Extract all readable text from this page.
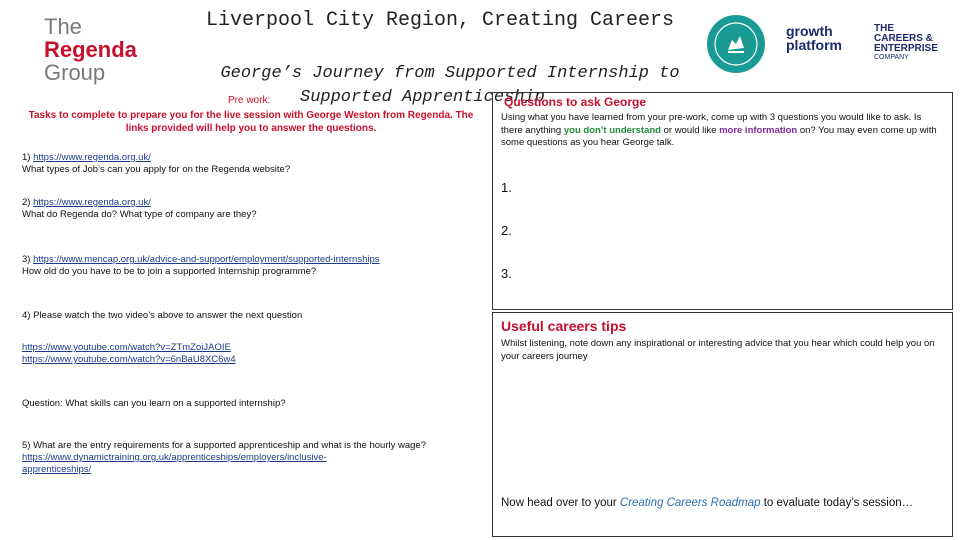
The
Regenda
Group
Liverpool City Region, Creating Careers
George’s Journey from Supported Internship to
Supported Apprenticeship
growth
platform
THE CAREERS &
ENTERPRISE
COMPANY
Pre work:
Tasks to complete to prepare you for the live session with George Weston from Regenda. The links provided will help you to answer the questions.
1) https://www.regenda.org.uk/
What types of Job’s can you apply for on the Regenda website?
2) https://www.regenda.org.uk/
What do Regenda do? What type of company are they?
3) https://www.mencap.org.uk/advice-and-support/employment/supported-internships
How old do you have to be to join a supported Internship programme?
4) Please watch the two video’s above to answer the next question
https://www.youtube.com/watch?v=ZTmZoiJAOIE
https://www.youtube.com/watch?v=6nBaU8XC6w4
Question: What skills can you learn on a supported internship?
5) What are the entry requirements for a supported apprenticeship and what is the hourly wage?
https://www.dynamictraining.org.uk/apprenticeships/employers/inclusive-
apprenticeships/
Questions to ask George
Using what you have learned from your pre-work, come up with 3 questions you would like to ask. Is there anything you don’t understand or would like more information on? You may even come up with some questions as you hear George talk.
1.
2.
3.
Useful careers tips
Whilst listening, note down any inspirational or interesting advice that you hear which could help you on your careers journey
Now head over to your Creating Careers Roadmap to evaluate today’s session…
